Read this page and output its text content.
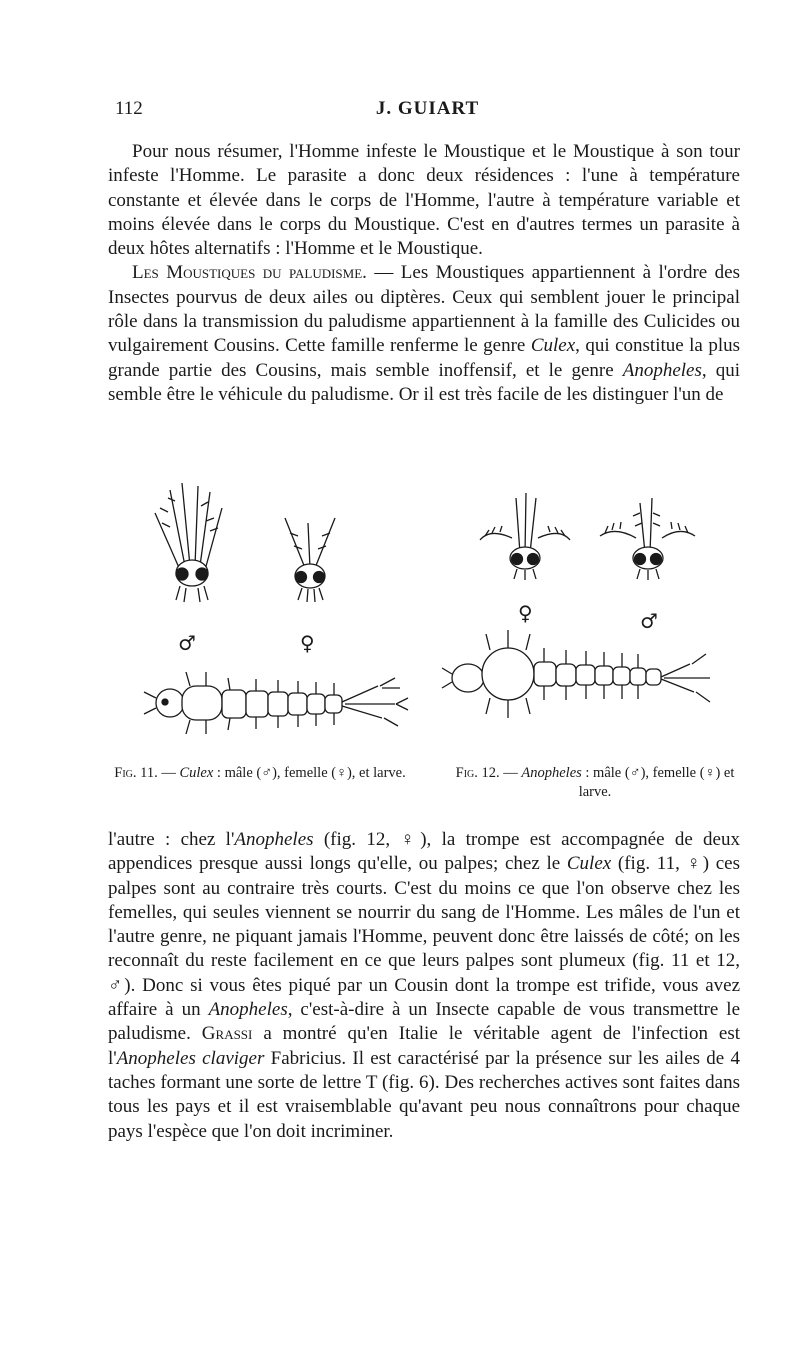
112	J. GUIART

Pour nous résumer, l'Homme infeste le Moustique et le Moustique à son tour infeste l'Homme. Le parasite a donc deux résidences : l'une à température constante et élevée dans le corps de l'Homme, l'autre à température variable et moins élevée dans le corps du Moustique. C'est en d'autres termes un parasite à deux hôtes alternatifs : l'Homme et le Moustique.

Les Moustiques du paludisme. — Les Moustiques appartiennent à l'ordre des Insectes pourvus de deux ailes ou diptères. Ceux qui semblent jouer le principal rôle dans la transmission du paludisme appartiennent à la famille des Culicides ou vulgairement Cousins. Cette famille renferme le genre Culex, qui constitue la plus grande partie des Cousins, mais semble inoffensif, et le genre Anopheles, qui semble être le véhicule du paludisme. Or il est très facile de les distinguer l'un de

♂	♀
♀	♂
Fig. 11. — Culex : mâle (♂), femelle (♀), et larve.	Fig. 12. — Anopheles : mâle (♂), femelle (♀) et larve.

l'autre : chez l'Anopheles (fig. 12, ♀), la trompe est accompagnée de deux appendices presque aussi longs qu'elle, ou palpes; chez le Culex (fig. 11, ♀) ces palpes sont au contraire très courts. C'est du moins ce que l'on observe chez les femelles, qui seules viennent se nourrir du sang de l'Homme. Les mâles de l'un et l'autre genre, ne piquant jamais l'Homme, peuvent donc être laissés de côté; on les reconnaît du reste facilement en ce que leurs palpes sont plumeux (fig. 11 et 12, ♂). Donc si vous êtes piqué par un Cousin dont la trompe est trifide, vous avez affaire à un Anopheles, c'est-à-dire à un Insecte capable de vous transmettre le paludisme. Grassi a montré qu'en Italie le véritable agent de l'infection est l'Anopheles claviger Fabricius. Il est caractérisé par la présence sur les ailes de 4 taches formant une sorte de lettre T (fig. 6). Des recherches actives sont faites dans tous les pays et il est vraisemblable qu'avant peu nous connaîtrons pour chaque pays l'espèce que l'on doit incriminer.
